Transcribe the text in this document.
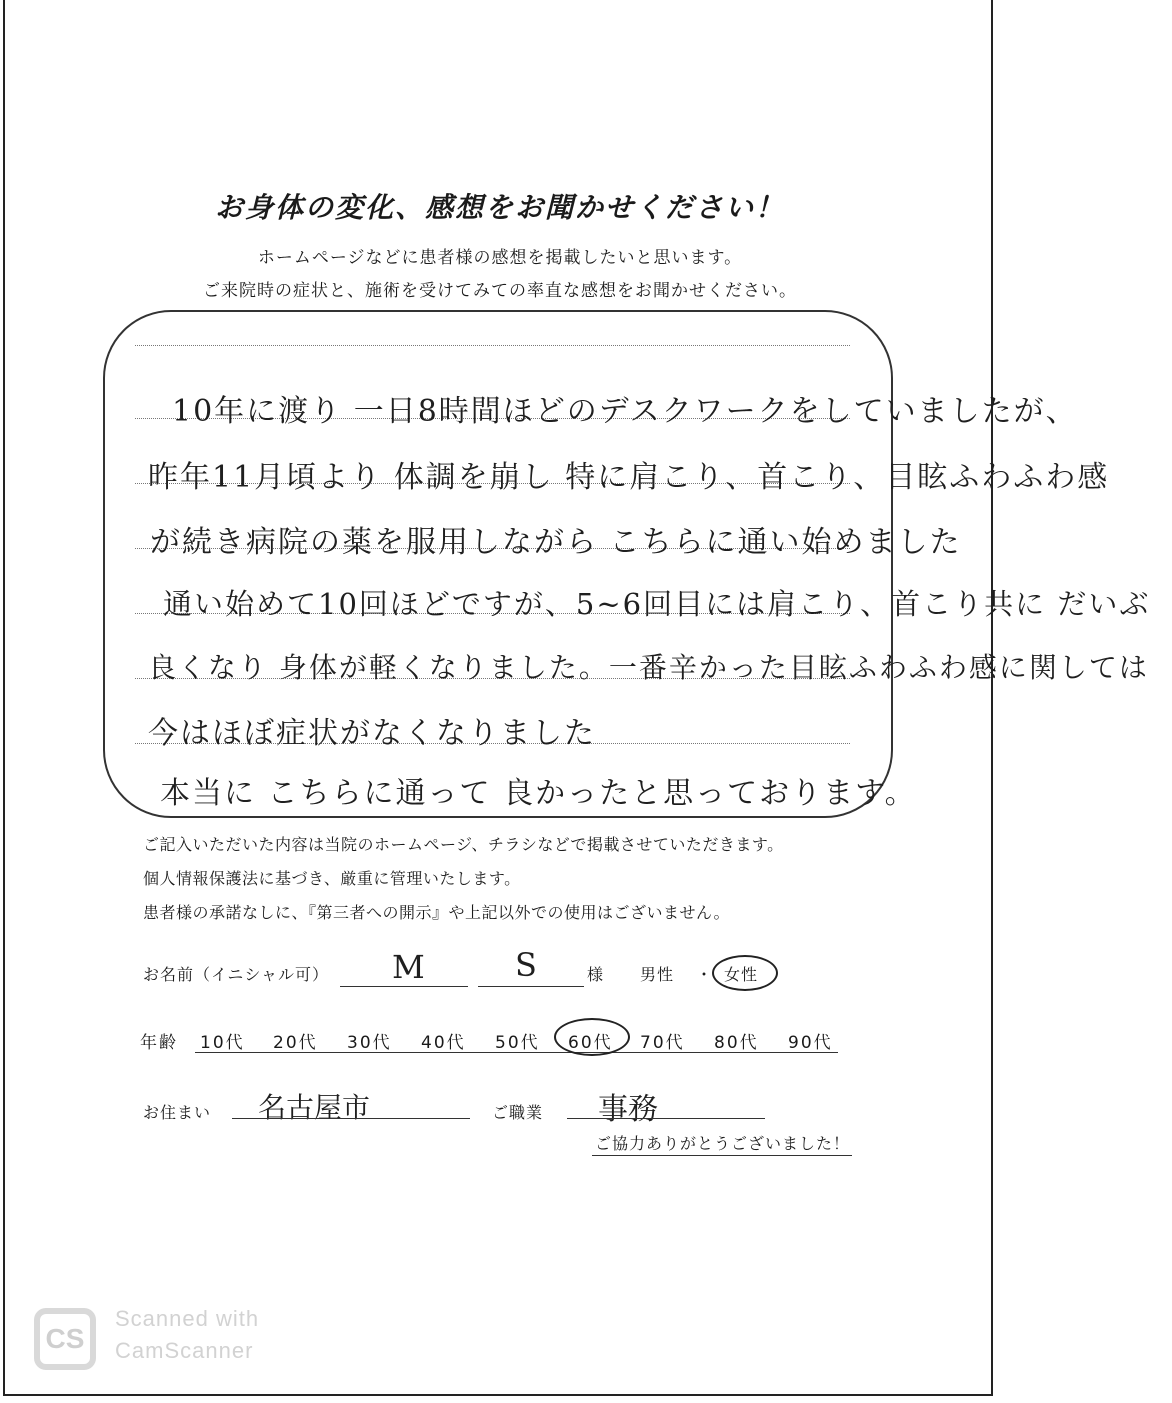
お身体の変化、感想をお聞かせください！
ホームページなどに患者様の感想を掲載したいと思います。
ご来院時の症状と、施術を受けてみての率直な感想をお聞かせください。
10年に渡り 一日8時間ほどのデスクワークをしていましたが、
昨年11月頃より 体調を崩し 特に肩こり、首こり、目眩ふわふわ感
が続き病院の薬を服用しながら こちらに通い始めました
通い始めて10回ほどですが、5~6回目には肩こり、首こり共に だいぶ
良くなり 身体が軽くなりました。一番辛かった目眩ふわふわ感に関しては
今はほぼ症状がなくなりました
本当に こちらに通って 良かったと思っております。
ご記入いただいた内容は当院のホームページ、チラシなどで掲載させていただきます。
個人情報保護法に基づき、厳重に管理いたします。
患者様の承諾なしに、『第三者への開示』や上記以外での使用はございません。
お名前（イニシャル可） M	S	様 男性 ・ 女性
年齢 10代 20代 30代 40代 50代 60代 70代 80代 90代
お住まい 名古屋市	ご職業 事務
ご協力ありがとうございました！
CS
Scanned with
CamScanner
